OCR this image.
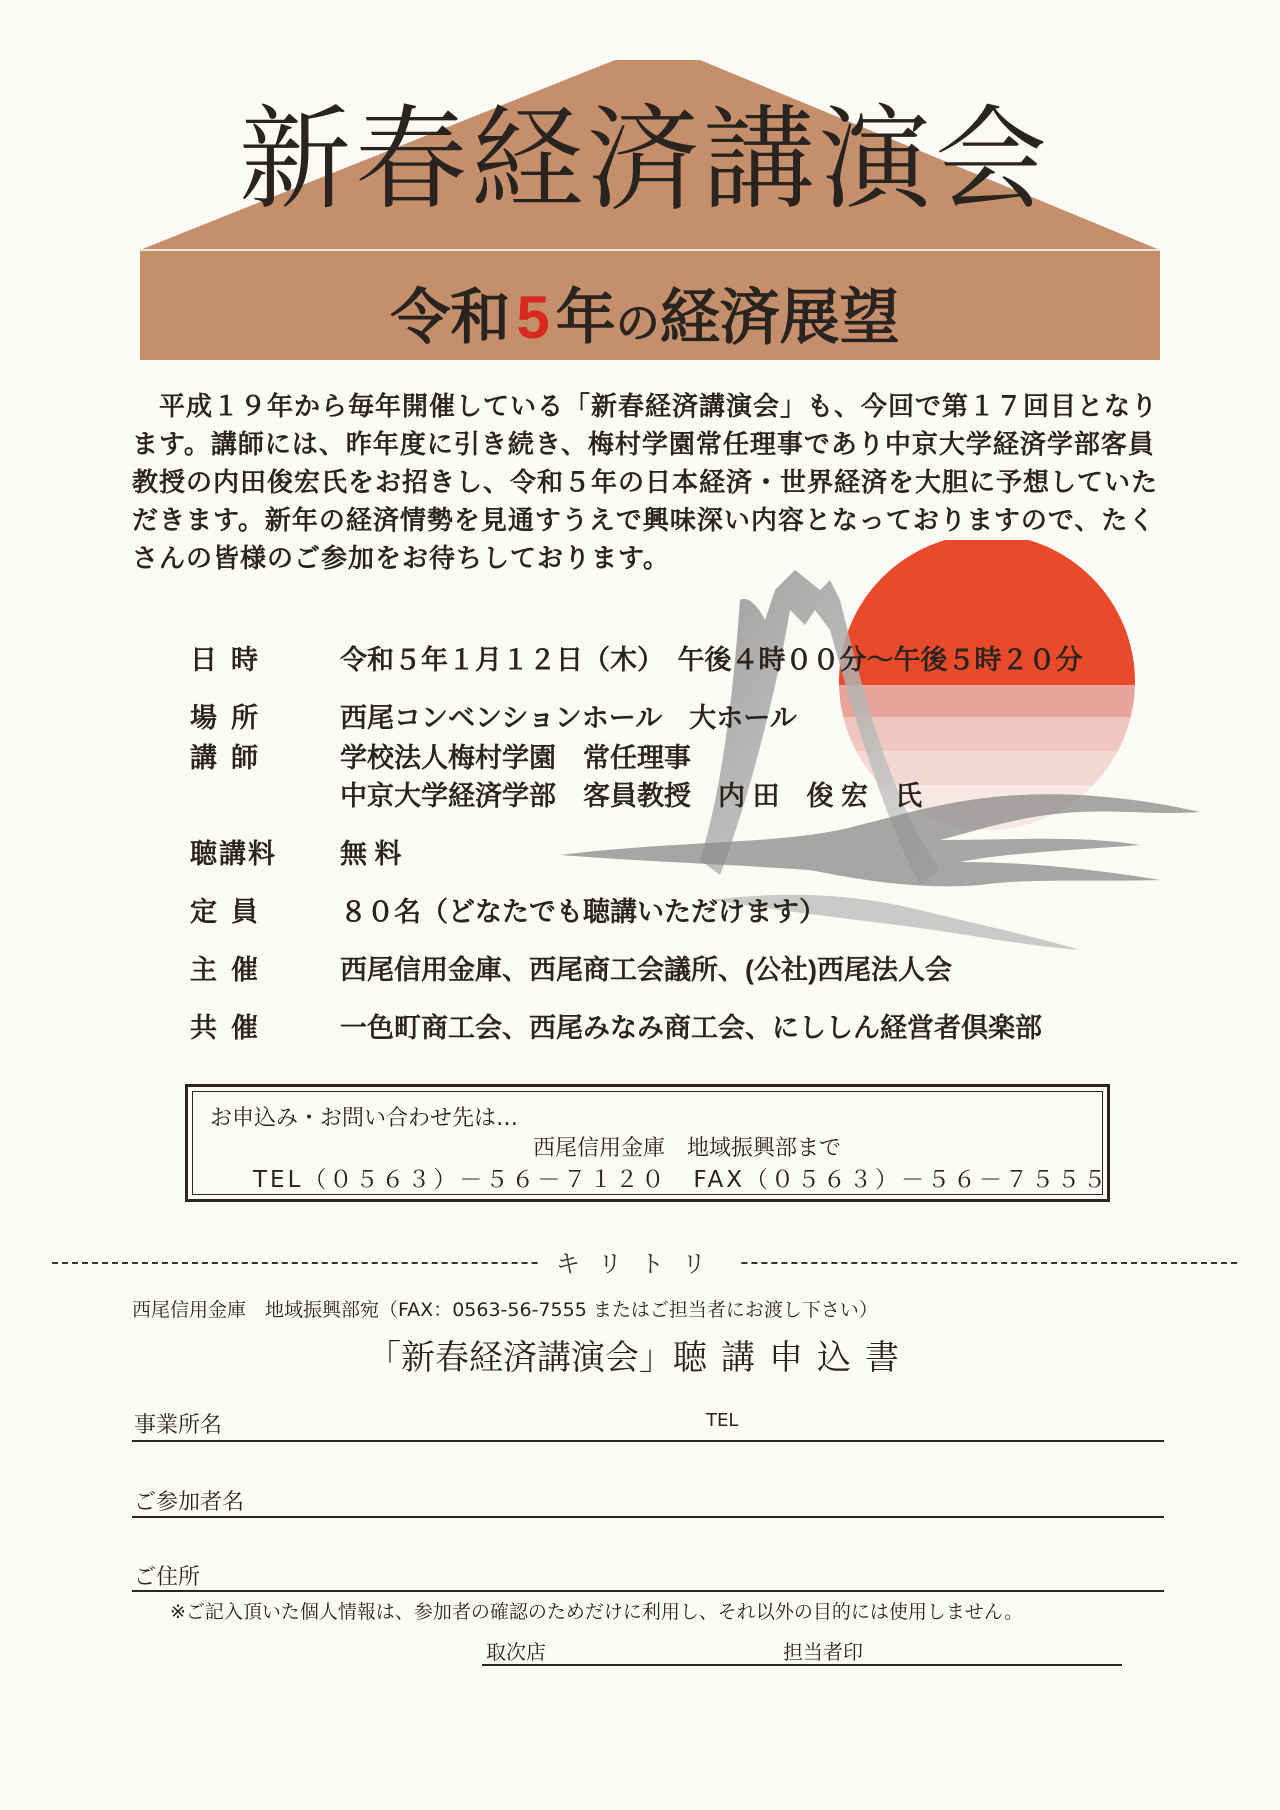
新春経済講演会
令和 5 年の経済展望
平成１９年から毎年開催している「新春経済講演会」も、今回で第１７回目となります。講師には、昨年度に引き続き、梅村学園常任理事であり中京大学経済学部客員教授の内田俊宏氏をお招きし、令和５年の日本経済・世界経済を大胆に予想していただきます。新年の経済情勢を見通すうえで興味深い内容となっておりますので、たくさんの皆様のご参加をお待ちしております。
日時	令和５年１月１２日（木）　午後４時００分～午後５時２０分
場所	西尾コンベンションホール　大ホール
講師	学校法人梅村学園　常任理事
中京大学経済学部　客員教授　内 田　俊 宏　氏
聴講料 無 料
定員	８０名（どなたでも聴講いただけます）
主催	西尾信用金庫、西尾商工会議所、(公社)西尾法人会
共催	一色町商工会、西尾みなみ商工会、にししん経営者倶楽部
お申込み・お問い合わせ先は…
西尾信用金庫　地域振興部まで
TEL（０５６３）－５６－７１２０　FAX（０５６３）－５６－７５５５
キリトリ
西尾信用金庫　地域振興部宛（FAX：0563-56-7555 またはご担当者にお渡し下さい）
「新春経済講演会」聴講申込書
事業所名	TEL
ご参加者名
ご住所
※ご記入頂いた個人情報は、参加者の確認のためだけに利用し、それ以外の目的には使用しません。
取次店	担当者印
